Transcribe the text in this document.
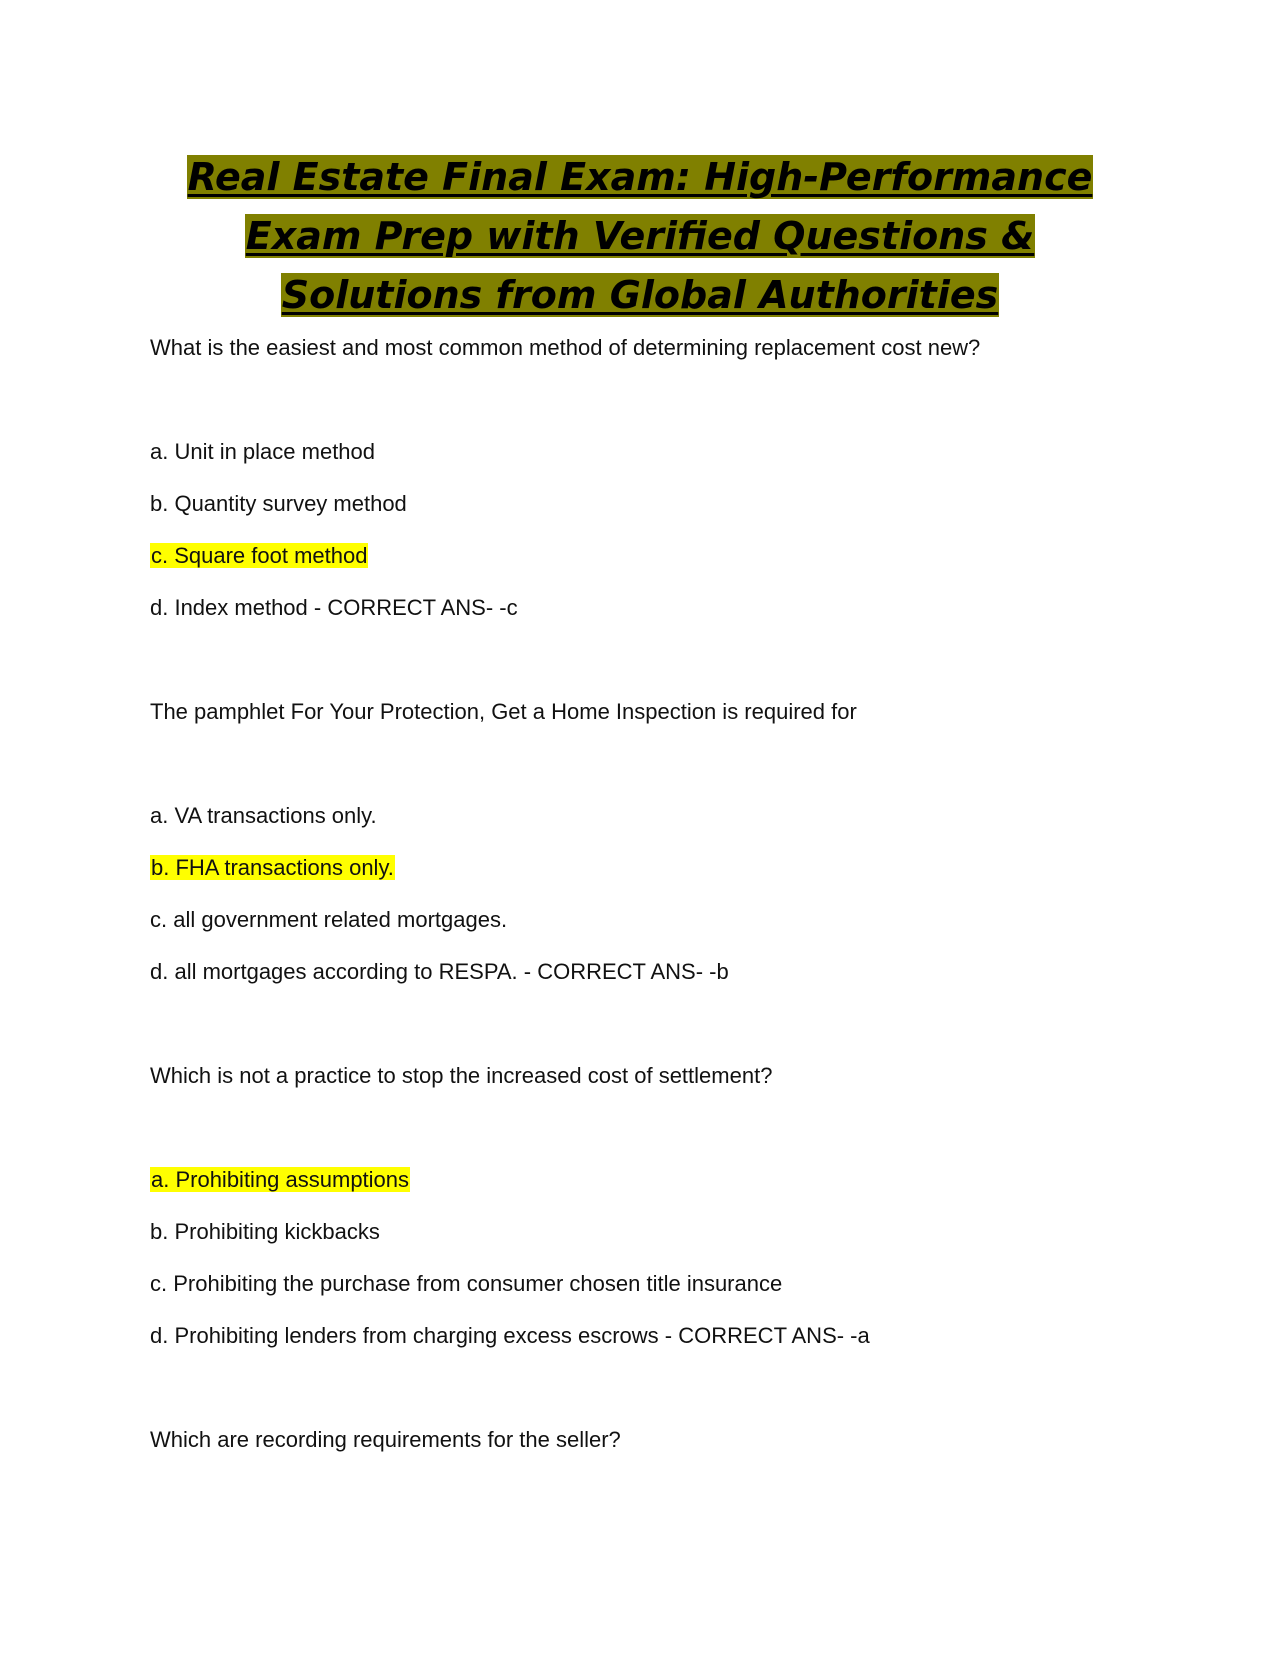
Real Estate Final Exam: High-Performance Exam Prep with Verified Questions & Solutions from Global Authorities
What is the easiest and most common method of determining replacement cost new?
a. Unit in place method
b. Quantity survey method
c. Square foot method
d. Index method - CORRECT ANS- -c
The pamphlet For Your Protection, Get a Home Inspection is required for
a. VA transactions only.
b. FHA transactions only.
c. all government related mortgages.
d. all mortgages according to RESPA. - CORRECT ANS- -b
Which is not a practice to stop the increased cost of settlement?
a. Prohibiting assumptions
b. Prohibiting kickbacks
c. Prohibiting the purchase from consumer chosen title insurance
d. Prohibiting lenders from charging excess escrows - CORRECT ANS- -a
Which are recording requirements for the seller?
